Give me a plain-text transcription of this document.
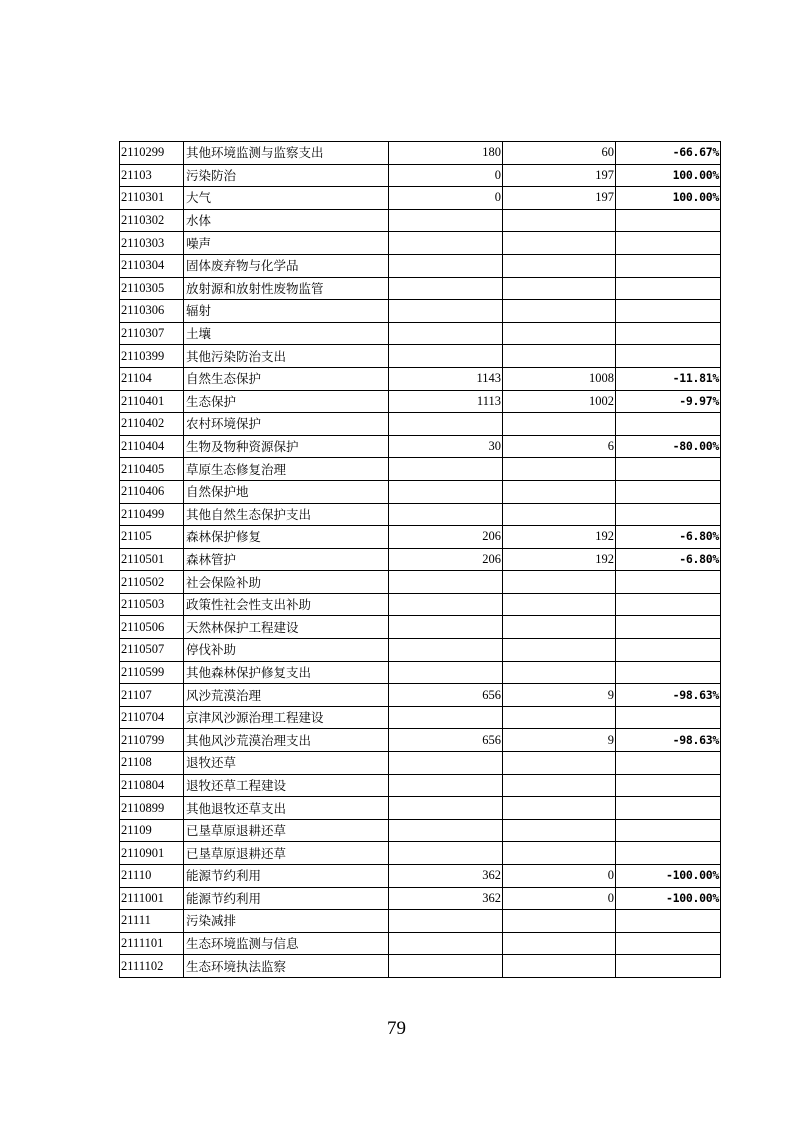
2110299	其他环境监测与监察支出	180	60	-66.67%
21103	污染防治	0	197	100.00%
2110301	大气	0	197	100.00%
2110302	水体			
2110303	噪声			
2110304	固体废弃物与化学品			
2110305	放射源和放射性废物监管			
2110306	辐射			
2110307	土壤			
2110399	其他污染防治支出			
21104	自然生态保护	1143	1008	-11.81%
2110401	生态保护	1113	1002	-9.97%
2110402	农村环境保护			
2110404	生物及物种资源保护	30	6	-80.00%
2110405	草原生态修复治理			
2110406	自然保护地			
2110499	其他自然生态保护支出			
21105	森林保护修复	206	192	-6.80%
2110501	森林管护	206	192	-6.80%
2110502	社会保险补助			
2110503	政策性社会性支出补助			
2110506	天然林保护工程建设			
2110507	停伐补助			
2110599	其他森林保护修复支出			
21107	风沙荒漠治理	656	9	-98.63%
2110704	京津风沙源治理工程建设			
2110799	其他风沙荒漠治理支出	656	9	-98.63%
21108	退牧还草			
2110804	退牧还草工程建设			
2110899	其他退牧还草支出			
21109	已垦草原退耕还草			
2110901	已垦草原退耕还草			
21110	能源节约利用	362	0	-100.00%
2111001	能源节约利用	362	0	-100.00%
21111	污染减排			
2111101	生态环境监测与信息			
2111102	生态环境执法监察			
79
